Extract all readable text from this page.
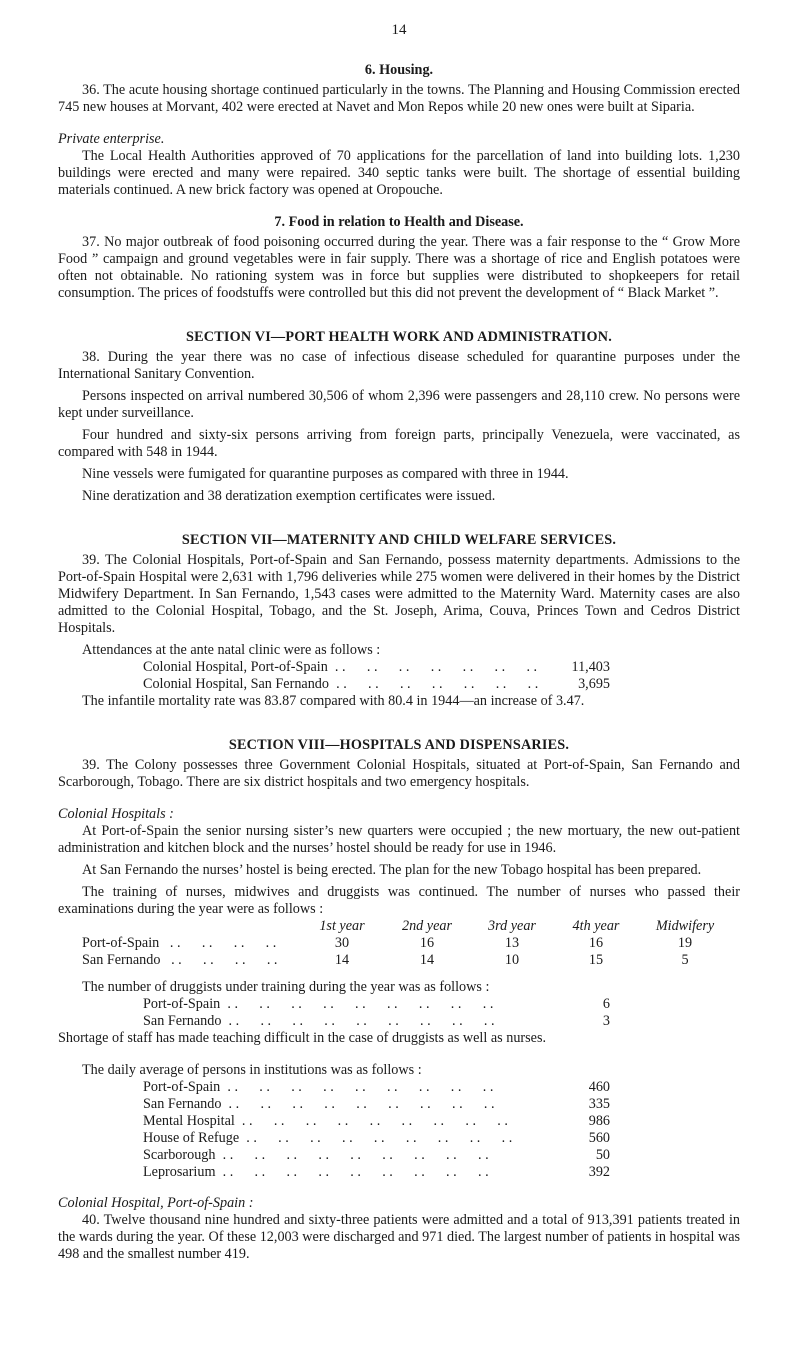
14
6. Housing.

36. The acute housing shortage continued particularly in the towns. The Planning and Housing Commission erected 745 new houses at Morvant, 402 were erected at Navet and Mon Repos while 20 new ones were built at Siparia.

Private enterprise.

The Local Health Authorities approved of 70 applications for the parcellation of land into building lots. 1,230 buildings were erected and many were repaired. 340 septic tanks were built. The shortage of essential building materials continued. A new brick factory was opened at Oropouche.

7. Food in relation to Health and Disease.

37. No major outbreak of food poisoning occurred during the year. There was a fair response to the “ Grow More Food ” campaign and ground vegetables were in fair supply. There was a shortage of rice and English potatoes were often not obtainable. No rationing system was in force but supplies were distributed to shopkeepers for retail consumption. The prices of foodstuffs were controlled but this did not prevent the development of “ Black Market ”.

SECTION VI—PORT HEALTH WORK AND ADMINISTRATION.

38. During the year there was no case of infectious disease scheduled for quarantine purposes under the International Sanitary Convention.

Persons inspected on arrival numbered 30,506 of whom 2,396 were passengers and 28,110 crew. No persons were kept under surveillance.

Four hundred and sixty-six persons arriving from foreign parts, principally Venezuela, were vaccinated, as compared with 548 in 1944.

Nine vessels were fumigated for quarantine purposes as compared with three in 1944.

Nine deratization and 38 deratization exemption certificates were issued.

SECTION VII—MATERNITY AND CHILD WELFARE SERVICES.

39. The Colonial Hospitals, Port-of-Spain and San Fernando, possess maternity departments. Admissions to the Port-of-Spain Hospital were 2,631 with 1,796 deliveries while 275 women were delivered in their homes by the District Midwifery Department. In San Fernando, 1,543 cases were admitted to the Maternity Ward. Maternity cases are also admitted to the Colonial Hospital, Tobago, and the St. Joseph, Arima, Couva, Princes Town and Cedros District Hospitals.

Attendances at the ante natal clinic were as follows :

Colonial Hospital, Port-of-Spain . .	11,403
Colonial Hospital, San Fernando . .	3,695

The infantile mortality rate was 83.87 compared with 80.4 in 1944—an increase of 3.47.

SECTION VIII—HOSPITALS AND DISPENSARIES.

39. The Colony possesses three Government Colonial Hospitals, situated at Port-of-Spain, San Fernando and Scarborough, Tobago. There are six district hospitals and two emergency hospitals.

Colonial Hospitals :

At Port-of-Spain the senior nursing sister’s new quarters were occupied ; the new mortuary, the new out-patient administration and kitchen block and the nurses’ hostel should be ready for use in 1946.

At San Fernando the nurses’ hostel is being erected. The plan for the new Tobago hospital has been prepared.

The training of nurses, midwives and druggists was continued. The number of nurses who passed their examinations during the year were as follows :

	1st year	2nd year	3rd year	4th year	Midwifery
Port-of-Spain . .	30	16	13	16	19
San Fernando . .	14	14	10	15	5

The number of druggists under training during the year was as follows :

Port-of-Spain . .	6
San Fernando . .	3

Shortage of staff has made teaching difficult in the case of druggists as well as nurses.

The daily average of persons in institutions was as follows :

Port-of-Spain . .	460
San Fernando . .	335
Mental Hospital . .	986
House of Refuge . .	560
Scarborough . .	50
Leprosarium . .	392

Colonial Hospital, Port-of-Spain :

40. Twelve thousand nine hundred and sixty-three patients were admitted and a total of 913,391 patients treated in the wards during the year. Of these 12,003 were discharged and 971 died. The largest number of patients in hospital was 498 and the smallest number 419.
